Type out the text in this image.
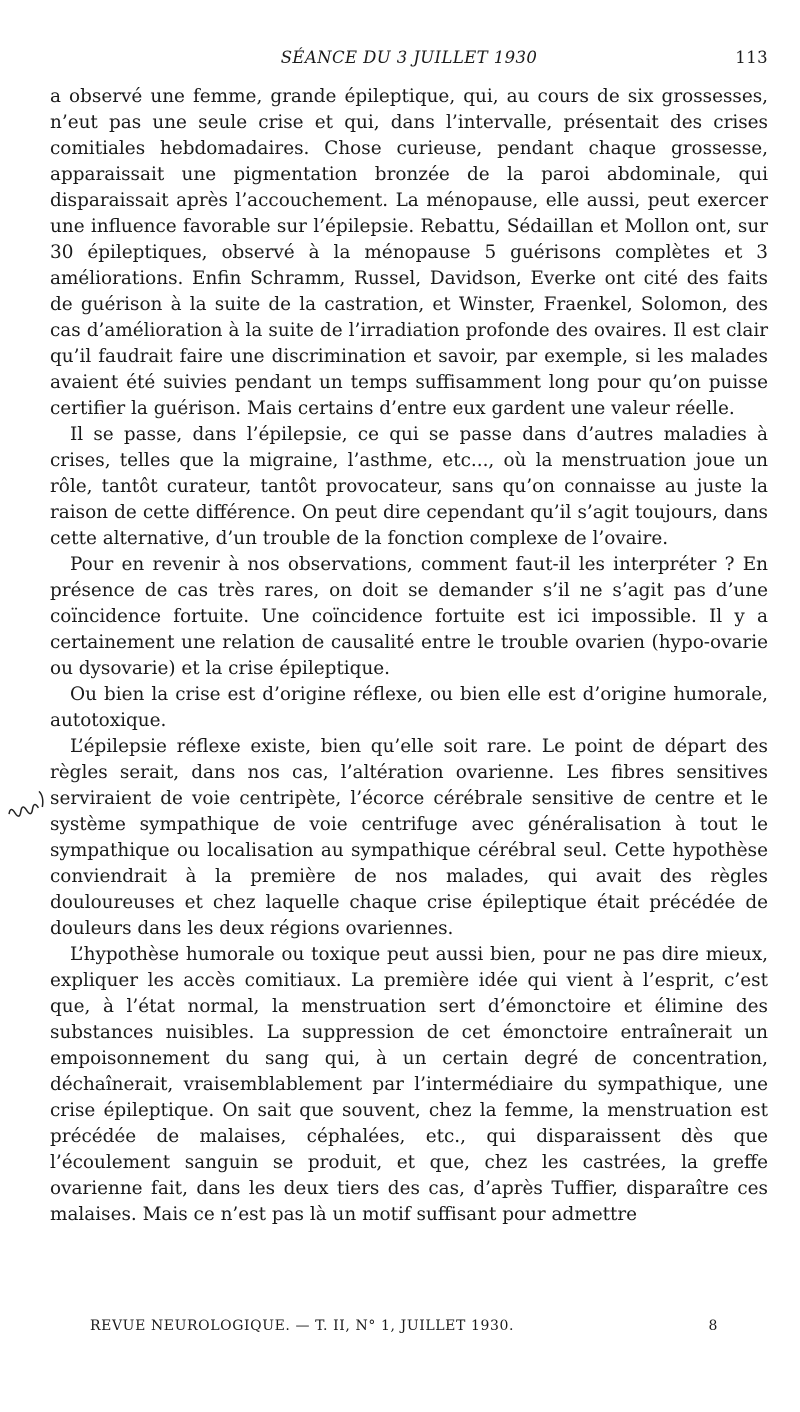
SÉANCE DU 3 JUILLET 1930	113

a observé une femme, grande épileptique, qui, au cours de six grossesses, n’eut pas une seule crise et qui, dans l’intervalle, présentait des crises comitiales hebdomadaires. Chose curieuse, pendant chaque grossesse, apparaissait une pigmentation bronzée de la paroi abdominale, qui disparaissait après l’accouchement. La ménopause, elle aussi, peut exercer une influence favorable sur l’épilepsie. Rebattu, Sédaillan et Mollon ont, sur 30 épileptiques, observé à la ménopause 5 guérisons complètes et 3 améliorations. Enfin Schramm, Russel, Davidson, Everke ont cité des faits de guérison à la suite de la castration, et Winster, Fraenkel, Solomon, des cas d’amélioration à la suite de l’irradiation profonde des ovaires. Il est clair qu’il faudrait faire une discrimination et savoir, par exemple, si les malades avaient été suivies pendant un temps suffisamment long pour qu’on puisse certifier la guérison. Mais certains d’entre eux gardent une valeur réelle.

Il se passe, dans l’épilepsie, ce qui se passe dans d’autres maladies à crises, telles que la migraine, l’asthme, etc..., où la menstruation joue un rôle, tantôt curateur, tantôt provocateur, sans qu’on connaisse au juste la raison de cette différence. On peut dire cependant qu’il s’agit toujours, dans cette alternative, d’un trouble de la fonction complexe de l’ovaire.

Pour en revenir à nos observations, comment faut-il les interpréter ? En présence de cas très rares, on doit se demander s’il ne s’agit pas d’une coïncidence fortuite. Une coïncidence fortuite est ici impossible. Il y a certainement une relation de causalité entre le trouble ovarien (hypo-ovarie ou dysovarie) et la crise épileptique.

Ou bien la crise est d’origine réflexe, ou bien elle est d’origine humorale, autotoxique.

L’épilepsie réflexe existe, bien qu’elle soit rare. Le point de départ des règles serait, dans nos cas, l’altération ovarienne. Les fibres sensitives serviraient de voie centripète, l’écorce cérébrale sensitive de centre et le système sympathique de voie centrifuge avec généralisation à tout le sympathique ou localisation au sympathique cérébral seul. Cette hypothèse conviendrait à la première de nos malades, qui avait des règles douloureuses et chez laquelle chaque crise épileptique était précédée de douleurs dans les deux régions ovariennes.

L’hypothèse humorale ou toxique peut aussi bien, pour ne pas dire mieux, expliquer les accès comitiaux. La première idée qui vient à l’esprit, c’est que, à l’état normal, la menstruation sert d’émonctoire et élimine des substances nuisibles. La suppression de cet émonctoire entraînerait un empoisonnement du sang qui, à un certain degré de concentration, déchaînerait, vraisemblablement par l’intermédiaire du sympathique, une crise épileptique. On sait que souvent, chez la femme, la menstruation est précédée de malaises, céphalées, etc., qui disparaissent dès que l’écoulement sanguin se produit, et que, chez les castrées, la greffe ovarienne fait, dans les deux tiers des cas, d’après Tuffier, disparaître ces malaises. Mais ce n’est pas là un motif suffisant pour admettre

REVUE NEUROLOGIQUE. — T. II, N° 1, JUILLET 1930.	8
